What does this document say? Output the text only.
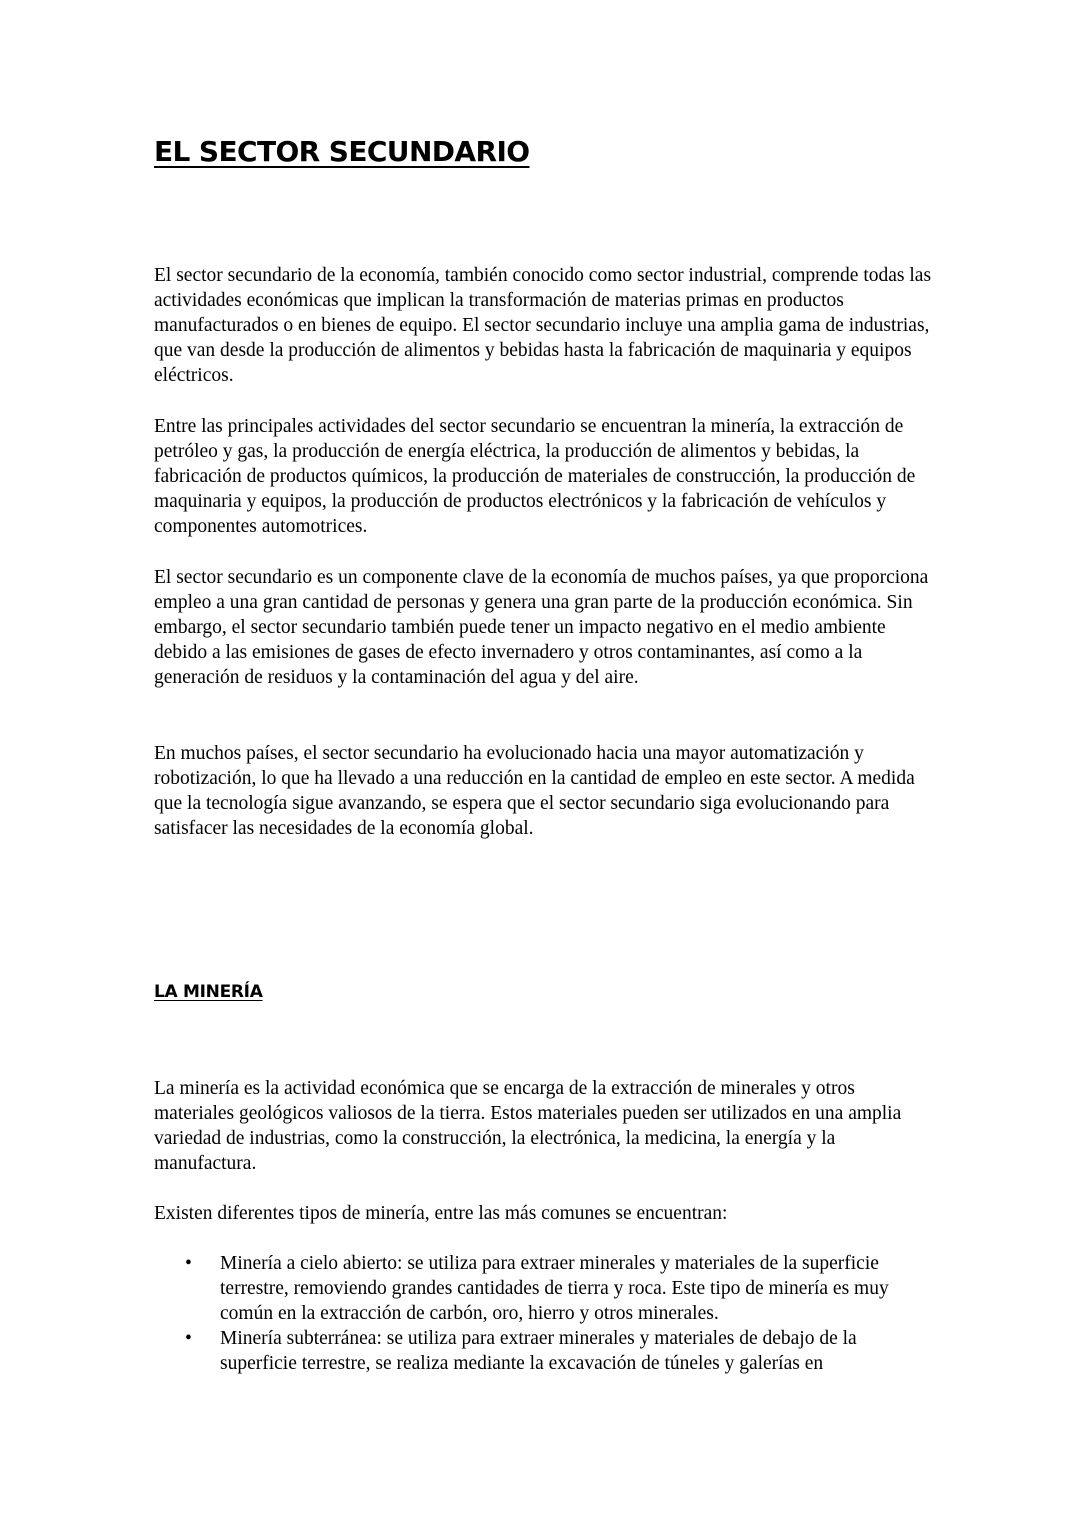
EL SECTOR SECUNDARIO

El sector secundario de la economía, también conocido como sector industrial, comprende todas las actividades económicas que implican la transformación de materias primas en productos manufacturados o en bienes de equipo. El sector secundario incluye una amplia gama de industrias, que van desde la producción de alimentos y bebidas hasta la fabricación de maquinaria y equipos eléctricos.

Entre las principales actividades del sector secundario se encuentran la minería, la extracción de petróleo y gas, la producción de energía eléctrica, la producción de alimentos y bebidas, la fabricación de productos químicos, la producción de materiales de construcción, la producción de maquinaria y equipos, la producción de productos electrónicos y la fabricación de vehículos y componentes automotrices.

El sector secundario es un componente clave de la economía de muchos países, ya que proporciona empleo a una gran cantidad de personas y genera una gran parte de la producción económica. Sin embargo, el sector secundario también puede tener un impacto negativo en el medio ambiente debido a las emisiones de gases de efecto invernadero y otros contaminantes, así como a la generación de residuos y la contaminación del agua y del aire.

En muchos países, el sector secundario ha evolucionado hacia una mayor automatización y robotización, lo que ha llevado a una reducción en la cantidad de empleo en este sector. A medida que la tecnología sigue avanzando, se espera que el sector secundario siga evolucionando para satisfacer las necesidades de la economía global.

LA MINERÍA

La minería es la actividad económica que se encarga de la extracción de minerales y otros materiales geológicos valiosos de la tierra. Estos materiales pueden ser utilizados en una amplia variedad de industrias, como la construcción, la electrónica, la medicina, la energía y la manufactura.

Existen diferentes tipos de minería, entre las más comunes se encuentran:

• Minería a cielo abierto: se utiliza para extraer minerales y materiales de la superficie terrestre, removiendo grandes cantidades de tierra y roca. Este tipo de minería es muy común en la extracción de carbón, oro, hierro y otros minerales.
• Minería subterránea: se utiliza para extraer minerales y materiales de debajo de la superficie terrestre, se realiza mediante la excavación de túneles y galerías en
